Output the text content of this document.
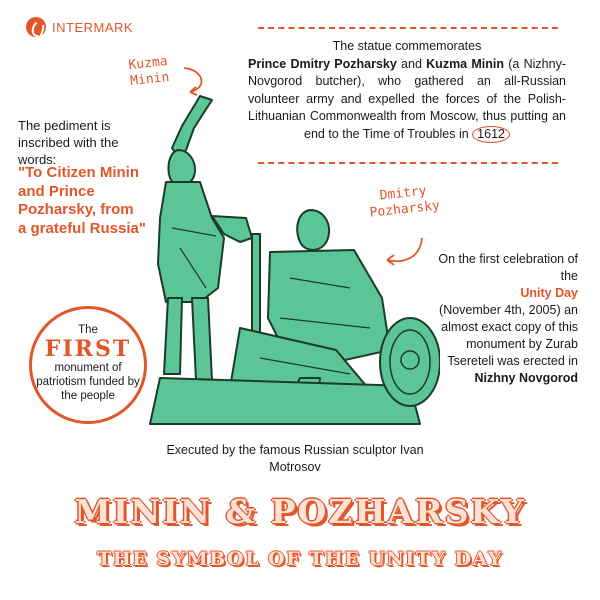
INTERMARK
The statue commemorates
Prince Dmitry Pozharsky and Kuzma Minin (a Nizhny-Novgorod butcher), who gathered an all-Russian volunteer army and expelled the forces of the Polish-Lithuanian Commonwealth from Moscow, thus putting an end to the Time of Troubles in 1612
Kuzma Minin
Dmitry Pozharsky
The pediment is inscribed with the words:
"To Citizen Minin and Prince Pozharsky, from a grateful Russia"
The
FIRST
monument of patriotism funded by the people
On the first celebration of the
Unity Day
(November 4th, 2005) an almost exact copy of this monument by Zurab Tsereteli was erected in
Nizhny Novgorod
Executed by the famous Russian sculptor Ivan Motrosov
MININ & POZHARSKY
THE SYMBOL OF THE UNITY DAY
